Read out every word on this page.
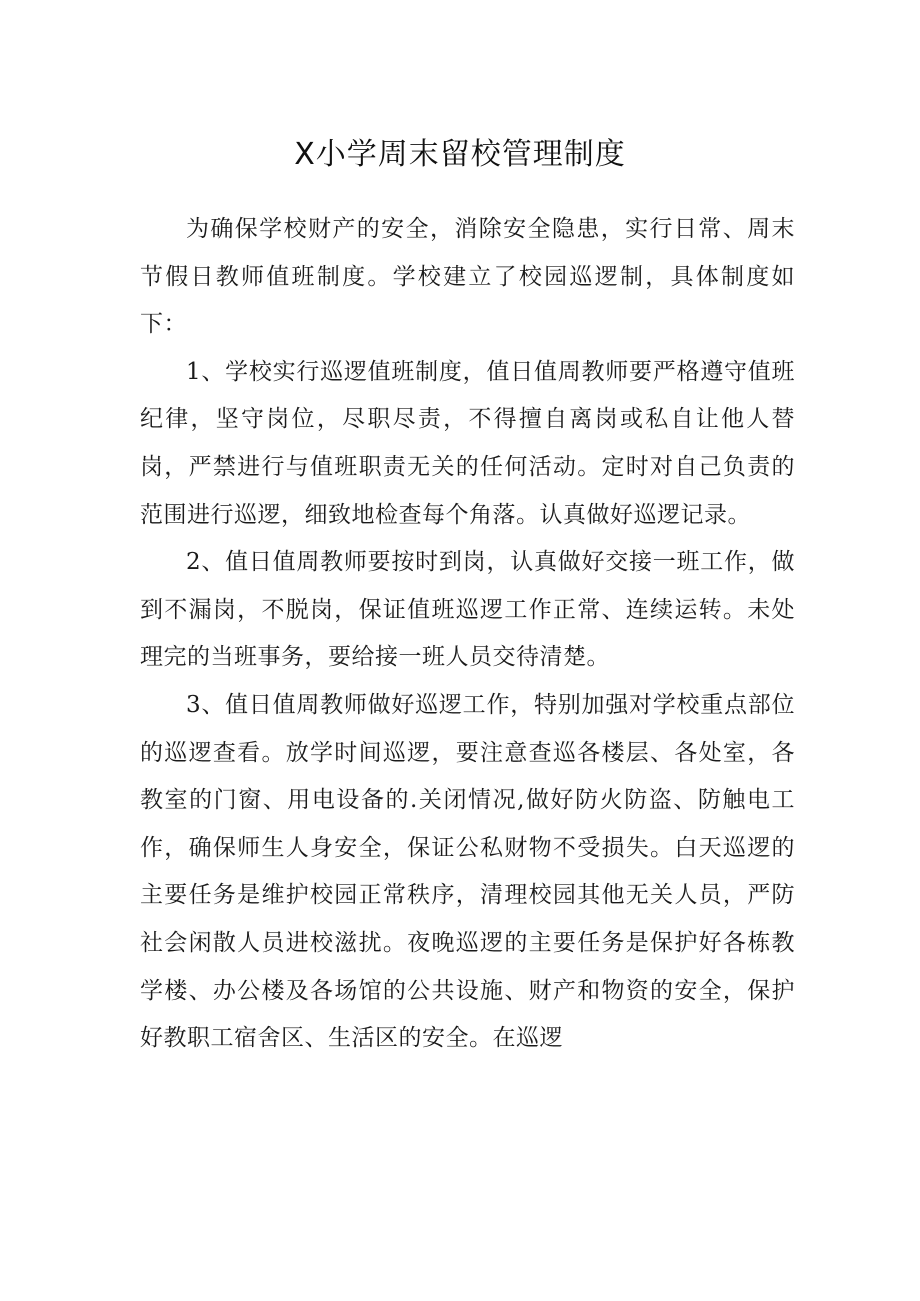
X小学周末留校管理制度

为确保学校财产的安全，消除安全隐患，实行日常、周末节假日教师值班制度。学校建立了校园巡逻制，具体制度如下：

1、学校实行巡逻值班制度，值日值周教师要严格遵守值班纪律，坚守岗位，尽职尽责，不得擅自离岗或私自让他人替岗，严禁进行与值班职责无关的任何活动。定时对自己负责的范围进行巡逻，细致地检查每个角落。认真做好巡逻记录。

2、值日值周教师要按时到岗，认真做好交接一班工作，做到不漏岗，不脱岗，保证值班巡逻工作正常、连续运转。未处理完的当班事务，要给接一班人员交待清楚。

3、值日值周教师做好巡逻工作，特别加强对学校重点部位的巡逻查看。放学时间巡逻，要注意查巡各楼层、各处室，各教室的门窗、用电设备的.关闭情况,做好防火防盗、防触电工作，确保师生人身安全，保证公私财物不受损失。白天巡逻的主要任务是维护校园正常秩序，清理校园其他无关人员，严防社会闲散人员进校滋扰。夜晚巡逻的主要任务是保护好各栋教学楼、办公楼及各场馆的公共设施、财产和物资的安全，保护好教职工宿舍区、生活区的安全。在巡逻
